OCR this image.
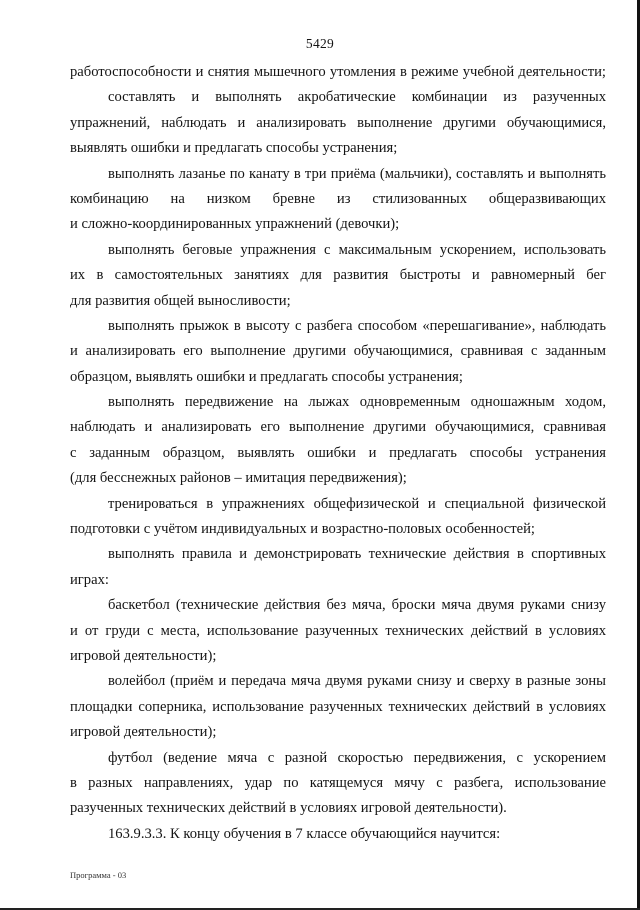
5429
работоспособности и снятия мышечного утомления в режиме учебной деятельности;
составлять и выполнять акробатические комбинации из разученных
упражнений, наблюдать и анализировать выполнение другими обучающимися,
выявлять ошибки и предлагать способы устранения;
выполнять лазанье по канату в три приёма (мальчики), составлять и выполнять
комбинацию на низком бревне из стилизованных общеразвивающих
и сложно-координированных упражнений (девочки);
выполнять беговые упражнения с максимальным ускорением, использовать
их в самостоятельных занятиях для развития быстроты и равномерный бег
для развития общей выносливости;
выполнять прыжок в высоту с разбега способом «перешагивание», наблюдать
и анализировать его выполнение другими обучающимися, сравнивая с заданным
образцом, выявлять ошибки и предлагать способы устранения;
выполнять передвижение на лыжах одновременным одношажным ходом,
наблюдать и анализировать его выполнение другими обучающимися, сравнивая
с заданным образцом, выявлять ошибки и предлагать способы устранения
(для бесснежных районов – имитация передвижения);
тренироваться в упражнениях общефизической и специальной физической
подготовки с учётом индивидуальных и возрастно-половых особенностей;
выполнять правила и демонстрировать технические действия в спортивных
играх:
баскетбол (технические действия без мяча, броски мяча двумя руками снизу
и от груди с места, использование разученных технических действий в условиях
игровой деятельности);
волейбол (приём и передача мяча двумя руками снизу и сверху в разные зоны
площадки соперника, использование разученных технических действий в условиях
игровой деятельности);
футбол (ведение мяча с разной скоростью передвижения, с ускорением
в разных направлениях, удар по катящемуся мячу с разбега, использование
разученных технических действий в условиях игровой деятельности).
163.9.3.3. К концу обучения в 7 классе обучающийся научится:
Программа - 03
